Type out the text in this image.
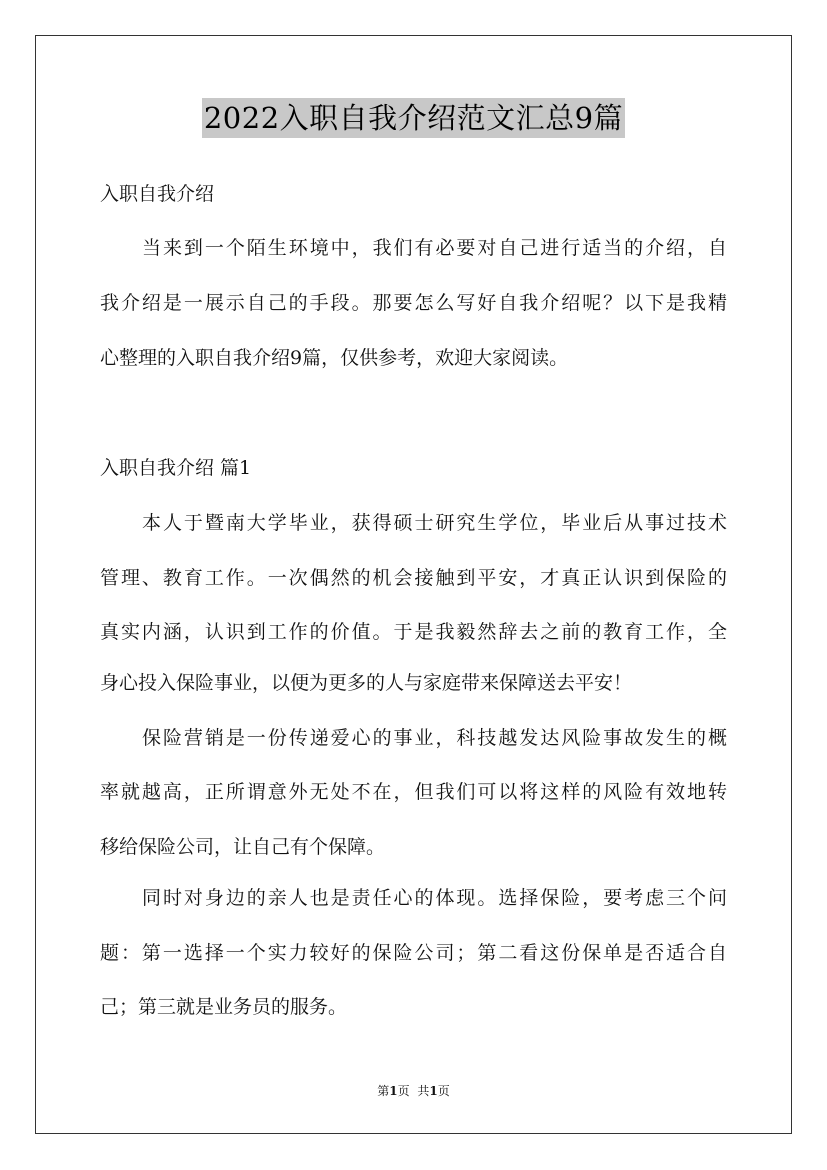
2022入职自我介绍范文汇总9篇
入职自我介绍
当来到一个陌生环境中，我们有必要对自己进行适当的介绍，自
我介绍是一展示自己的手段。那要怎么写好自我介绍呢？以下是我精
心整理的入职自我介绍9篇，仅供参考，欢迎大家阅读。
入职自我介绍 篇1
本人于暨南大学毕业，获得硕士研究生学位，毕业后从事过技术
管理、教育工作。一次偶然的机会接触到平安，才真正认识到保险的
真实内涵，认识到工作的价值。于是我毅然辞去之前的教育工作，全
身心投入保险事业，以便为更多的人与家庭带来保障送去平安！
保险营销是一份传递爱心的事业，科技越发达风险事故发生的概
率就越高，正所谓意外无处不在，但我们可以将这样的风险有效地转
移给保险公司，让自己有个保障。
同时对身边的亲人也是责任心的体现。选择保险，要考虑三个问
题：第一选择一个实力较好的保险公司；第二看这份保单是否适合自
己；第三就是业务员的服务。
第1页 共1页
